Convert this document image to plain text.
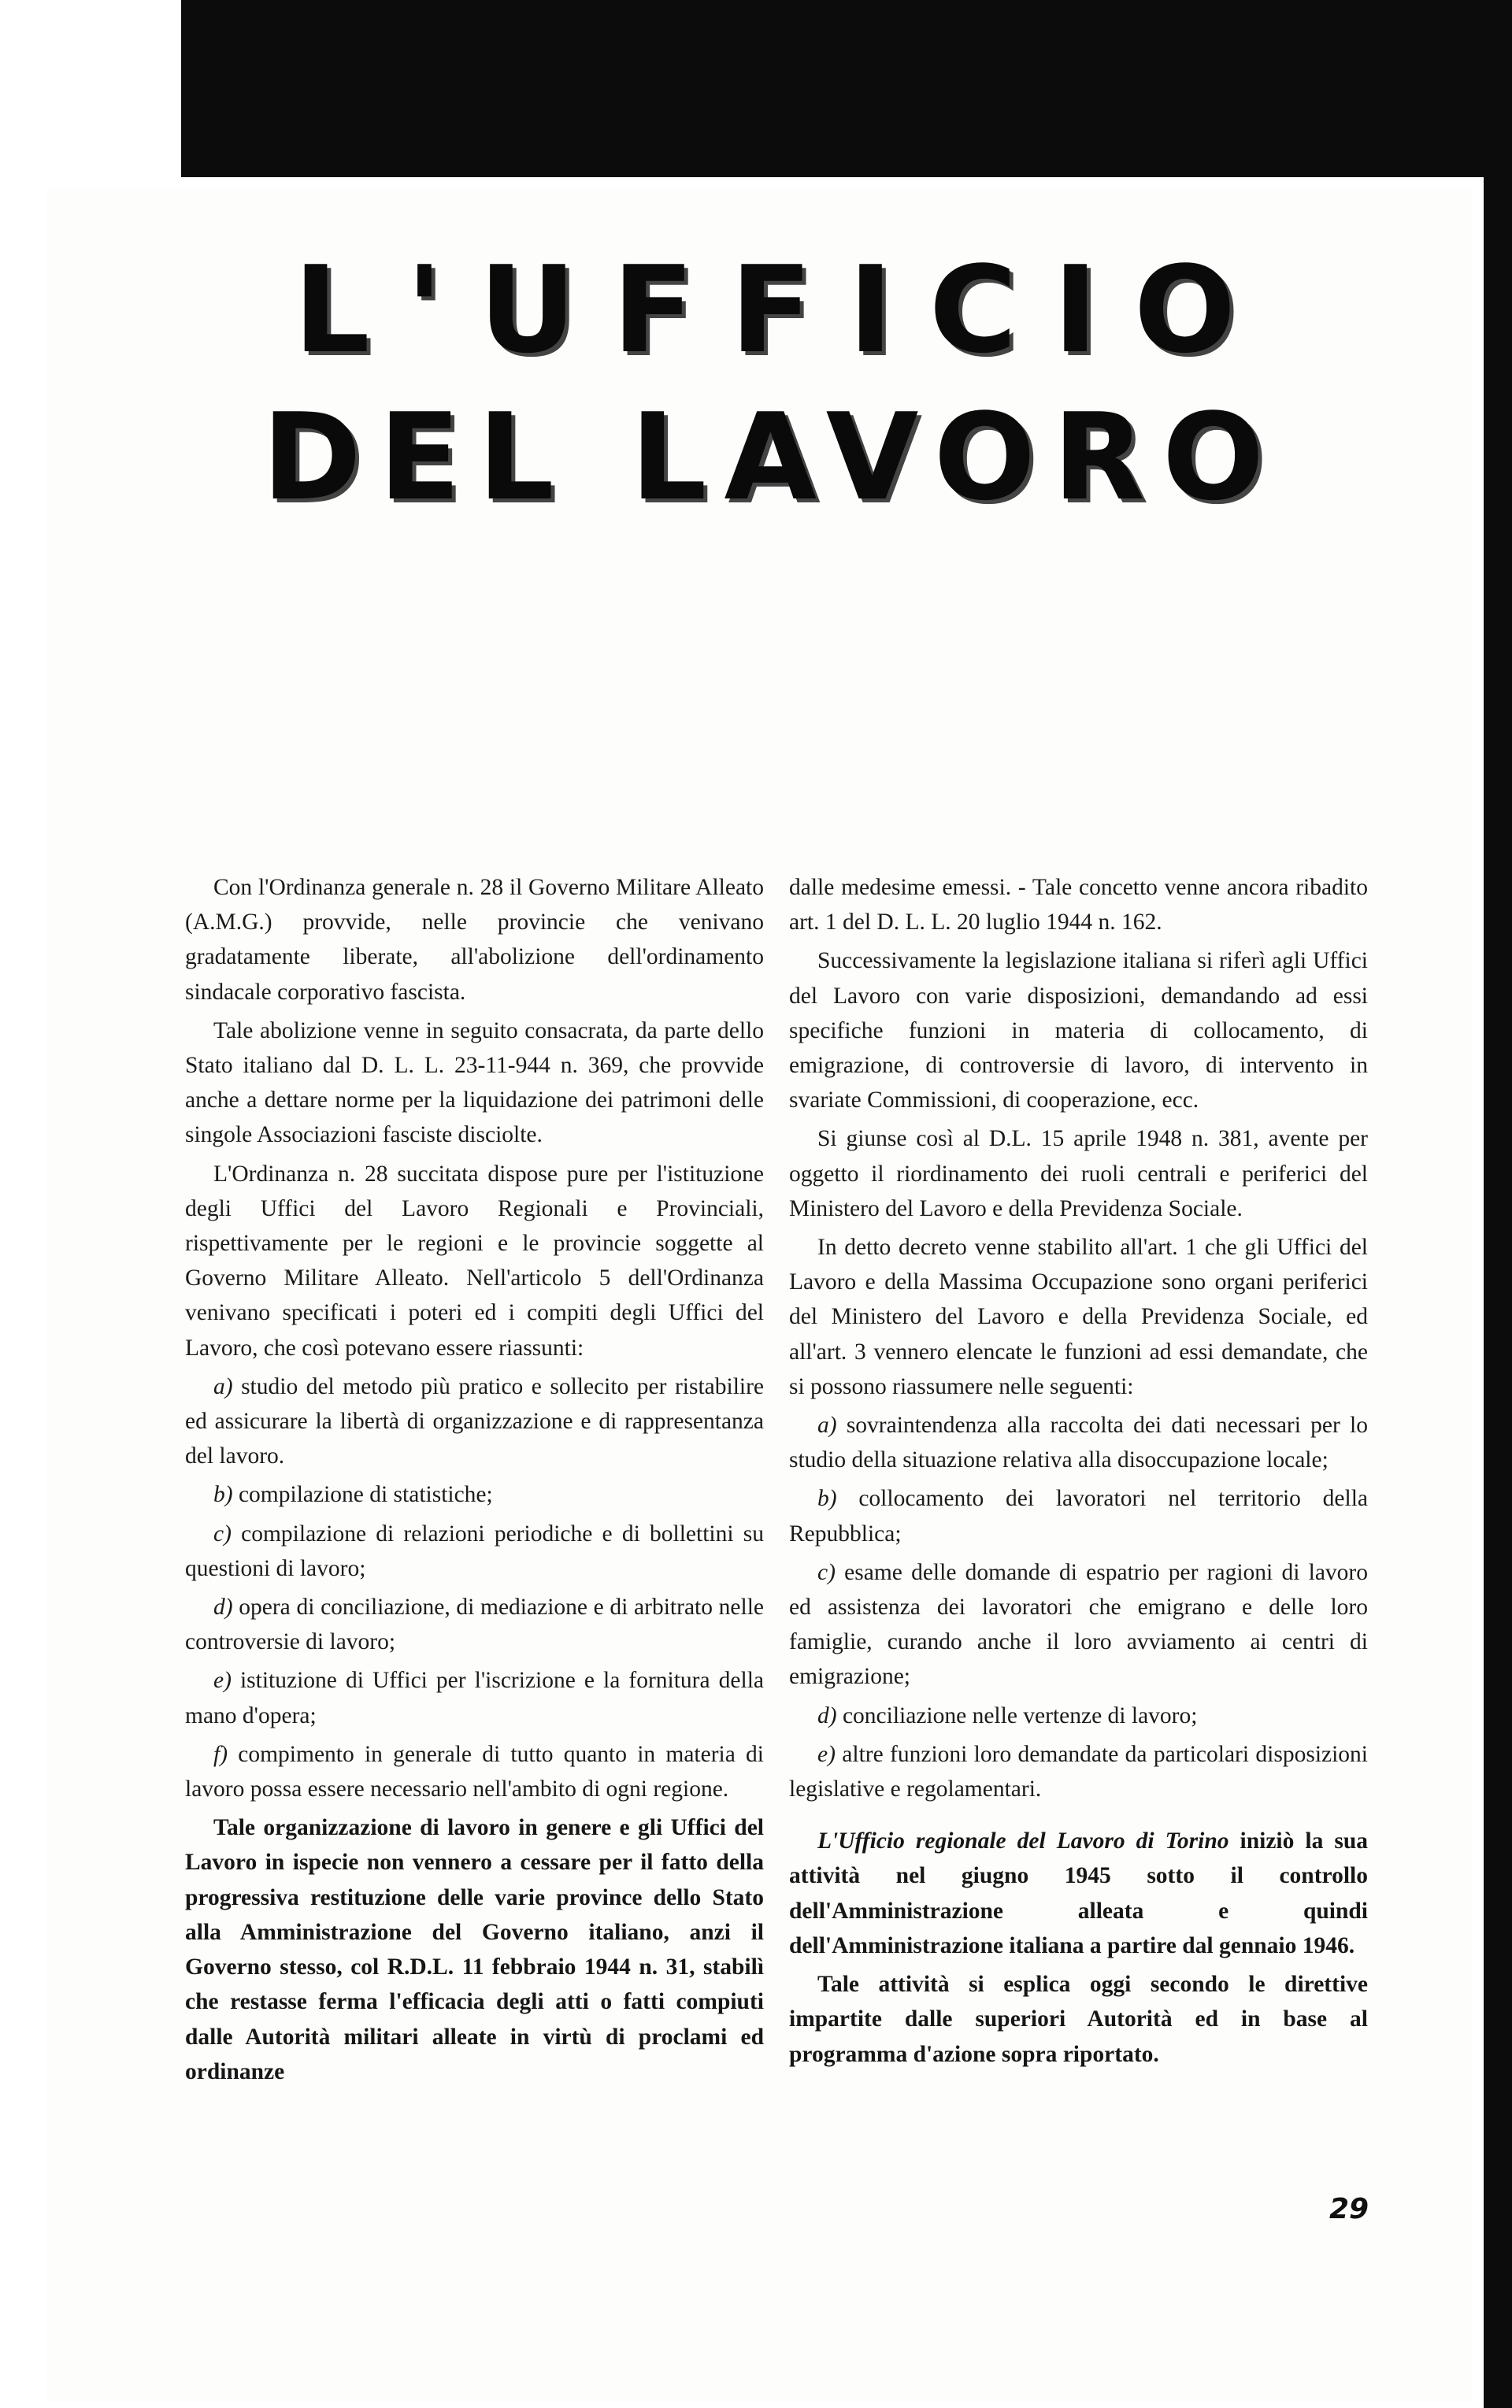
L'UFFICIO
DEL LAVORO

Con l'Ordinanza generale n. 28 il Governo Militare Alleato (A.M.G.) provvide, nelle provincie che venivano gradatamente liberate, all'abolizione dell'ordinamento sindacale corporativo fascista.

Tale abolizione venne in seguito consacrata, da parte dello Stato italiano dal D. L. L. 23-11-944 n. 369, che provvide anche a dettare norme per la liquidazione dei patrimoni delle singole Associazioni fasciste disciolte.

L'Ordinanza n. 28 succitata dispose pure per l'istituzione degli Uffici del Lavoro Regionali e Provinciali, rispettivamente per le regioni e le provincie soggette al Governo Militare Alleato. Nell'articolo 5 dell'Ordinanza venivano specificati i poteri ed i compiti degli Uffici del Lavoro, che così potevano essere riassunti:

a) studio del metodo più pratico e sollecito per ristabilire ed assicurare la libertà di organizzazione e di rappresentanza del lavoro.

b) compilazione di statistiche;

c) compilazione di relazioni periodiche e di bollettini su questioni di lavoro;

d) opera di conciliazione, di mediazione e di arbitrato nelle controversie di lavoro;

e) istituzione di Uffici per l'iscrizione e la fornitura della mano d'opera;

f) compimento in generale di tutto quanto in materia di lavoro possa essere necessario nell'ambito di ogni regione.

Tale organizzazione di lavoro in genere e gli Uffici del Lavoro in ispecie non vennero a cessare per il fatto della progressiva restituzione delle varie province dello Stato alla Amministrazione del Governo italiano, anzi il Governo stesso, col R.D.L. 11 febbraio 1944 n. 31, stabilì che restasse ferma l'efficacia degli atti o fatti compiuti dalle Autorità militari alleate in virtù di proclami ed ordinanze

dalle medesime emessi. - Tale concetto venne ancora ribadito art. 1 del D. L. L. 20 luglio 1944 n. 162.

Successivamente la legislazione italiana si riferì agli Uffici del Lavoro con varie disposizioni, demandando ad essi specifiche funzioni in materia di collocamento, di emigrazione, di controversie di lavoro, di intervento in svariate Commissioni, di cooperazione, ecc.

Si giunse così al D.L. 15 aprile 1948 n. 381, avente per oggetto il riordinamento dei ruoli centrali e periferici del Ministero del Lavoro e della Previdenza Sociale.

In detto decreto venne stabilito all'art. 1 che gli Uffici del Lavoro e della Massima Occupazione sono organi periferici del Ministero del Lavoro e della Previdenza Sociale, ed all'art. 3 vennero elencate le funzioni ad essi demandate, che si possono riassumere nelle seguenti:

a) sovraintendenza alla raccolta dei dati necessari per lo studio della situazione relativa alla disoccupazione locale;

b) collocamento dei lavoratori nel territorio della Repubblica;

c) esame delle domande di espatrio per ragioni di lavoro ed assistenza dei lavoratori che emigrano e delle loro famiglie, curando anche il loro avviamento ai centri di emigrazione;

d) conciliazione nelle vertenze di lavoro;

e) altre funzioni loro demandate da particolari disposizioni legislative e regolamentari.

L'Ufficio regionale del Lavoro di Torino iniziò la sua attività nel giugno 1945 sotto il controllo dell'Amministrazione alleata e quindi dell'Amministrazione italiana a partire dal gennaio 1946.

Tale attività si esplica oggi secondo le direttive impartite dalle superiori Autorità ed in base al programma d'azione sopra riportato.

29
